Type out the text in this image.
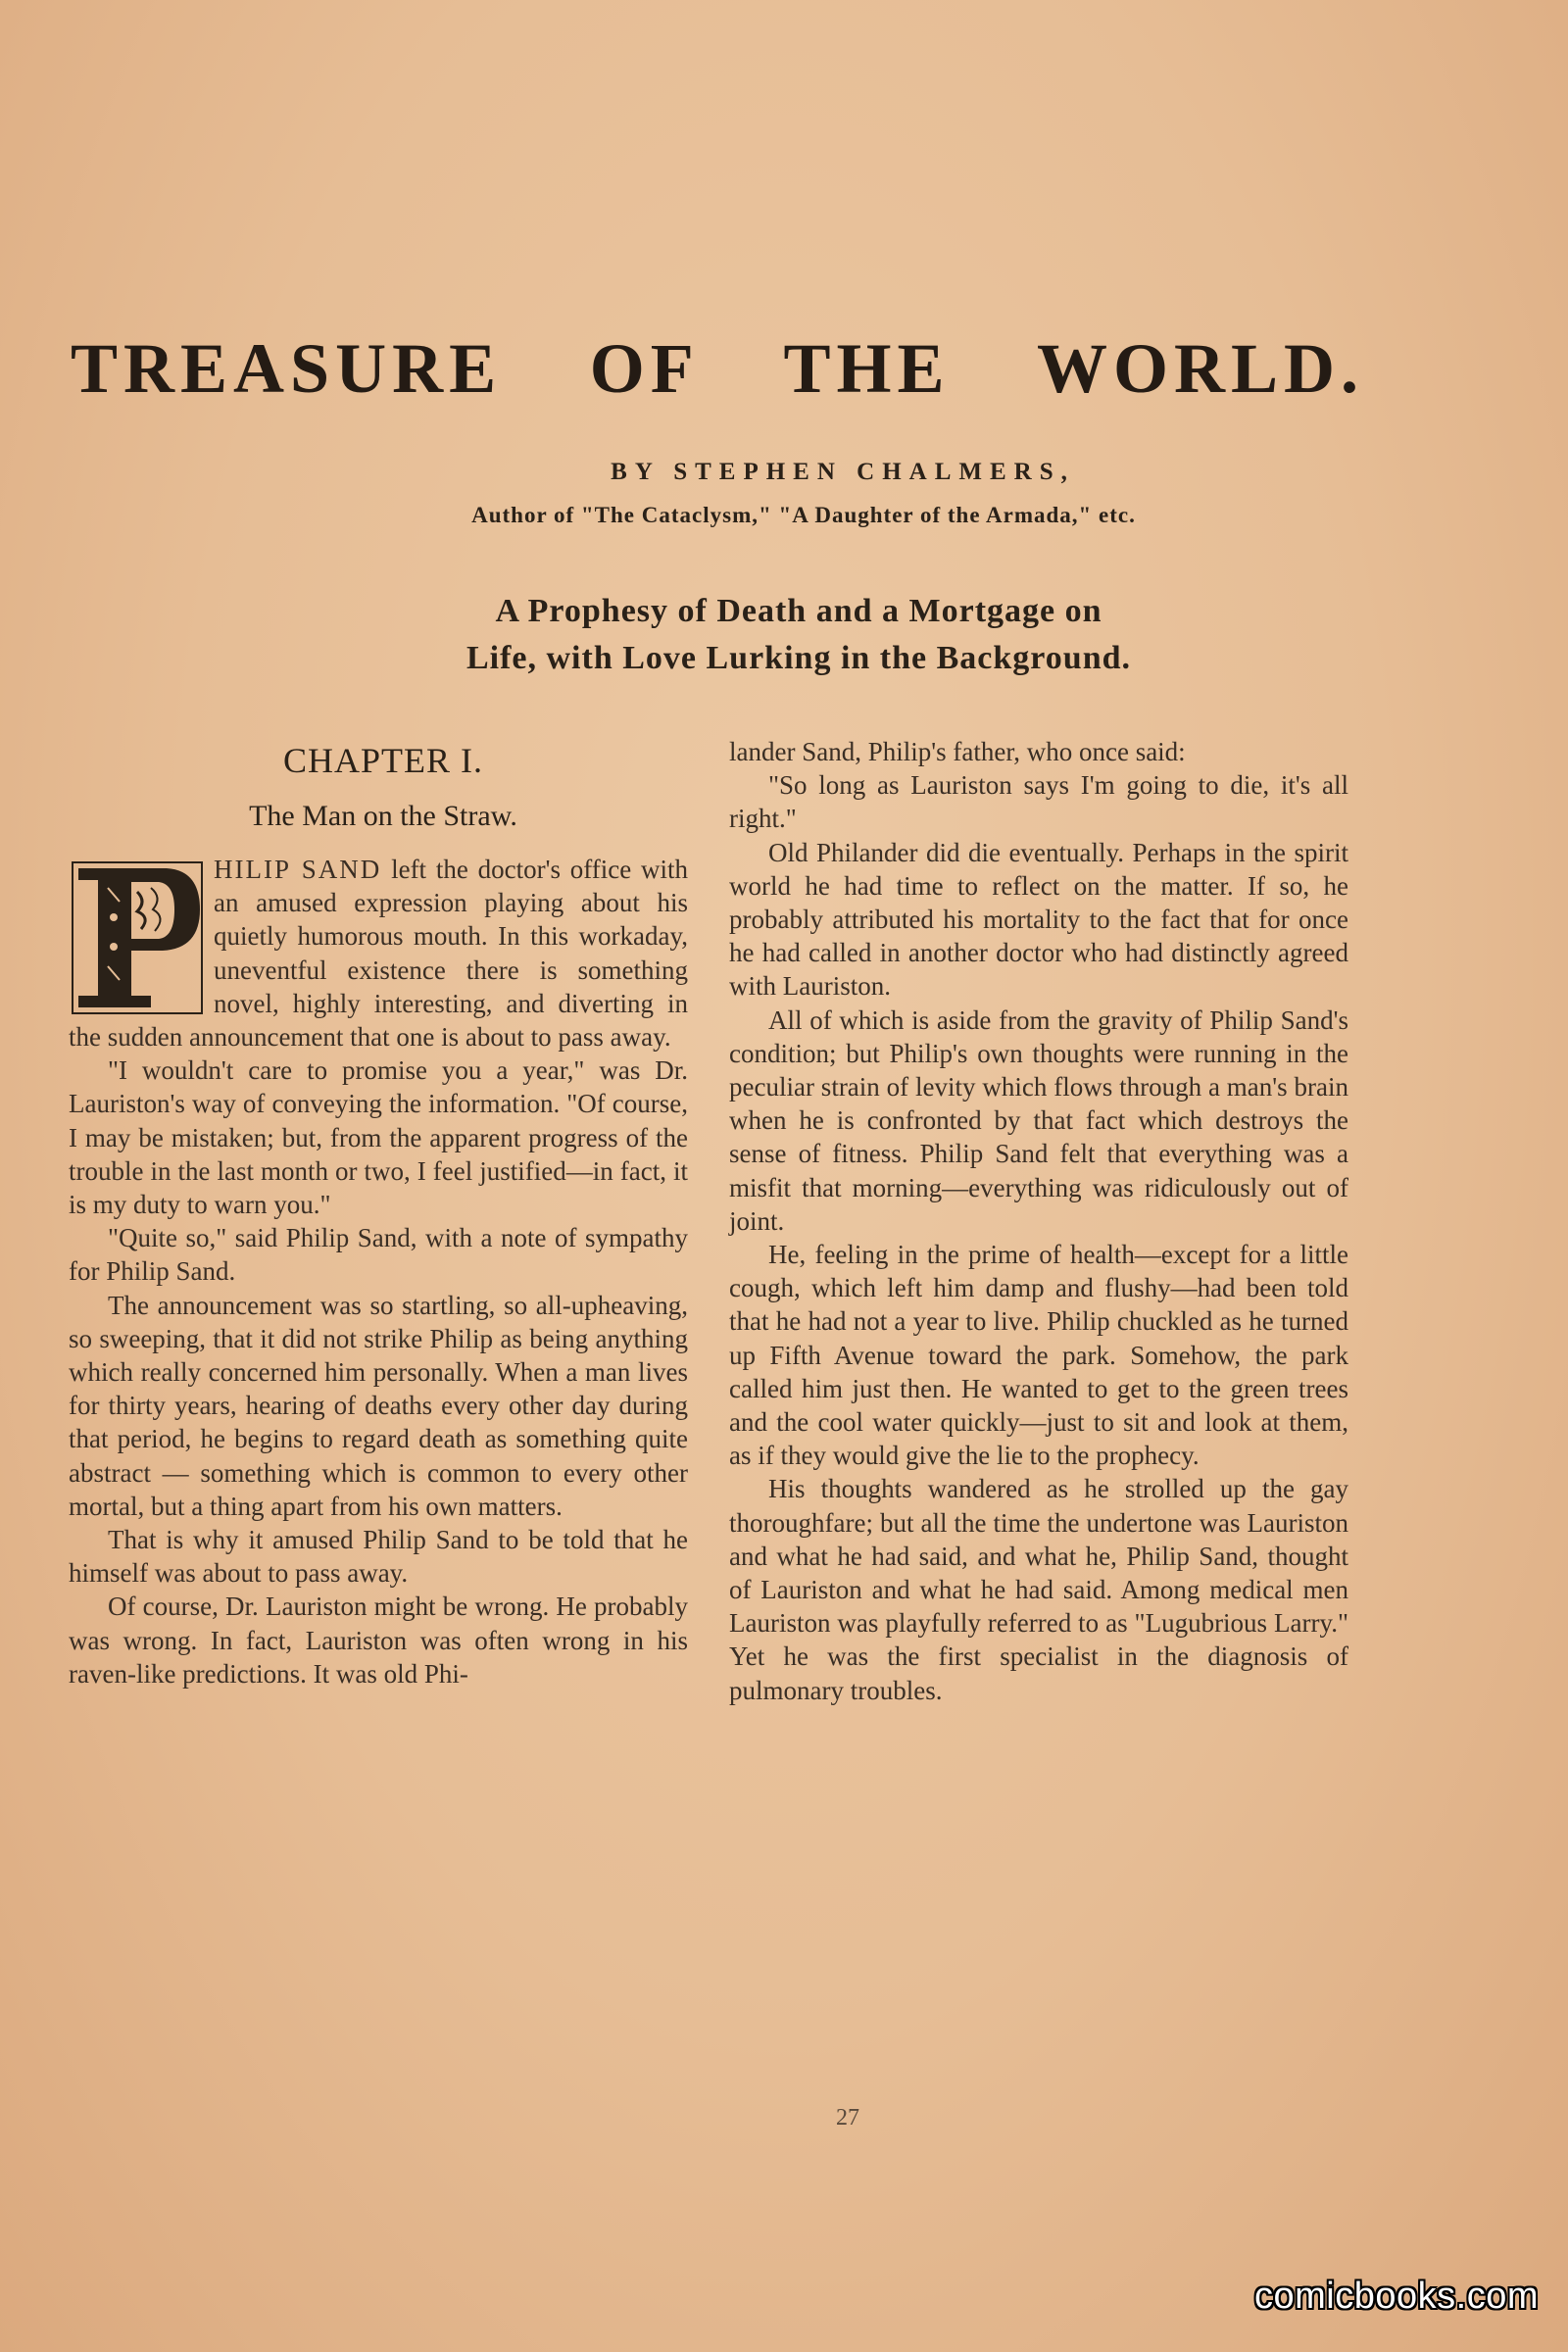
TREASURE OF THE WORLD.
BY STEPHEN CHALMERS,
Author of "The Cataclysm," "A Daughter of the Armada," etc.
A Prophesy of Death and a Mortgage on
Life, with Love Lurking in the Background.
CHAPTER I.
The Man on the Straw.

HILIP SAND left the doctor's office with an amused expression playing about his quietly humorous mouth. In this workaday, uneventful existence there is something novel, highly interesting, and diverting in the sudden announcement that one is about to pass away.

"I wouldn't care to promise you a year," was Dr. Lauriston's way of conveying the information. "Of course, I may be mistaken; but, from the apparent progress of the trouble in the last month or two, I feel justified—in fact, it is my duty to warn you."

"Quite so," said Philip Sand, with a note of sympathy for Philip Sand.

The announcement was so startling, so all-upheaving, so sweeping, that it did not strike Philip as being anything which really concerned him personally. When a man lives for thirty years, hearing of deaths every other day during that period, he begins to regard death as something quite abstract — something which is common to every other mortal, but a thing apart from his own matters.

That is why it amused Philip Sand to be told that he himself was about to pass away.

Of course, Dr. Lauriston might be wrong. He probably was wrong. In fact, Lauriston was often wrong in his raven-like predictions. It was old Phi-

lander Sand, Philip's father, who once said:

"So long as Lauriston says I'm going to die, it's all right."

Old Philander did die eventually. Perhaps in the spirit world he had time to reflect on the matter. If so, he probably attributed his mortality to the fact that for once he had called in another doctor who had distinctly agreed with Lauriston.

All of which is aside from the gravity of Philip Sand's condition; but Philip's own thoughts were running in the peculiar strain of levity which flows through a man's brain when he is confronted by that fact which destroys the sense of fitness. Philip Sand felt that everything was a misfit that morning—everything was ridiculously out of joint.

He, feeling in the prime of health—except for a little cough, which left him damp and flushy—had been told that he had not a year to live. Philip chuckled as he turned up Fifth Avenue toward the park. Somehow, the park called him just then. He wanted to get to the green trees and the cool water quickly—just to sit and look at them, as if they would give the lie to the prophecy.

His thoughts wandered as he strolled up the gay thoroughfare; but all the time the undertone was Lauriston and what he had said, and what he, Philip Sand, thought of Lauriston and what he had said. Among medical men Lauriston was playfully referred to as "Lugubrious Larry." Yet he was the first specialist in the diagnosis of pulmonary troubles.

27
comicbooks.com
